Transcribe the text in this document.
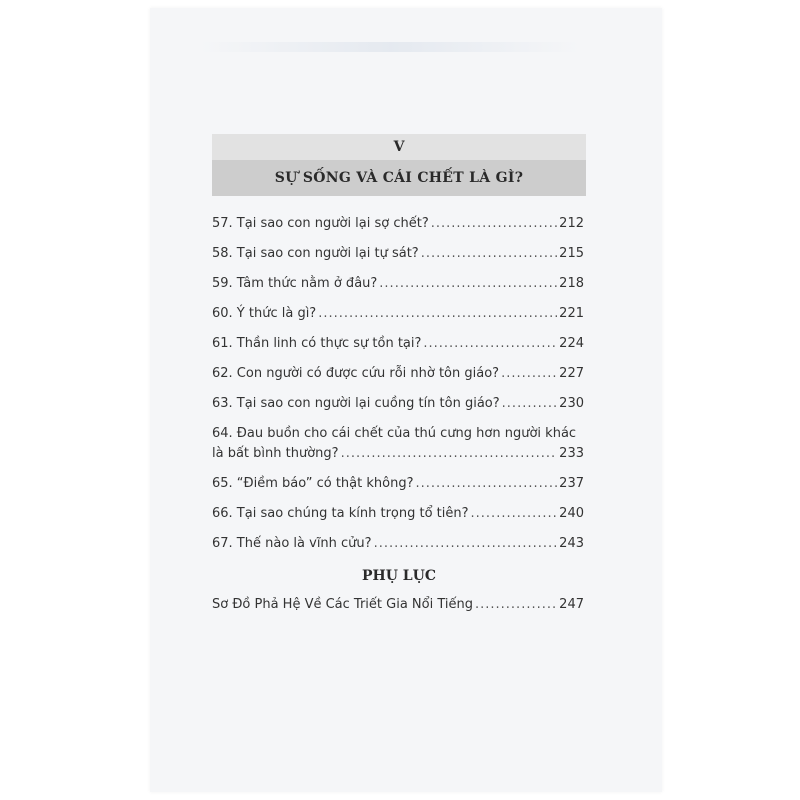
V
SỰ SỐNG VÀ CÁI CHẾT LÀ GÌ?
57. Tại sao con người lại sợ chết? .....	212
58. Tại sao con người lại tự sát? .....	215
59. Tâm thức nằm ở đâu? .....	218
60. Ý thức là gì? .....	221
61. Thần linh có thực sự tồn tại? .....	224
62. Con người có được cứu rỗi nhờ tôn giáo? .....	227
63. Tại sao con người lại cuồng tín tôn giáo? .....	230
64. Đau buồn cho cái chết của thú cưng hơn người khác
là bất bình thường? .....	233
65. “Điềm báo” có thật không? .....	237
66. Tại sao chúng ta kính trọng tổ tiên? .....	240
67. Thế nào là vĩnh cửu? .....	243
PHỤ LỤC
Sơ Đồ Phả Hệ Về Các Triết Gia Nổi Tiếng .....	247
